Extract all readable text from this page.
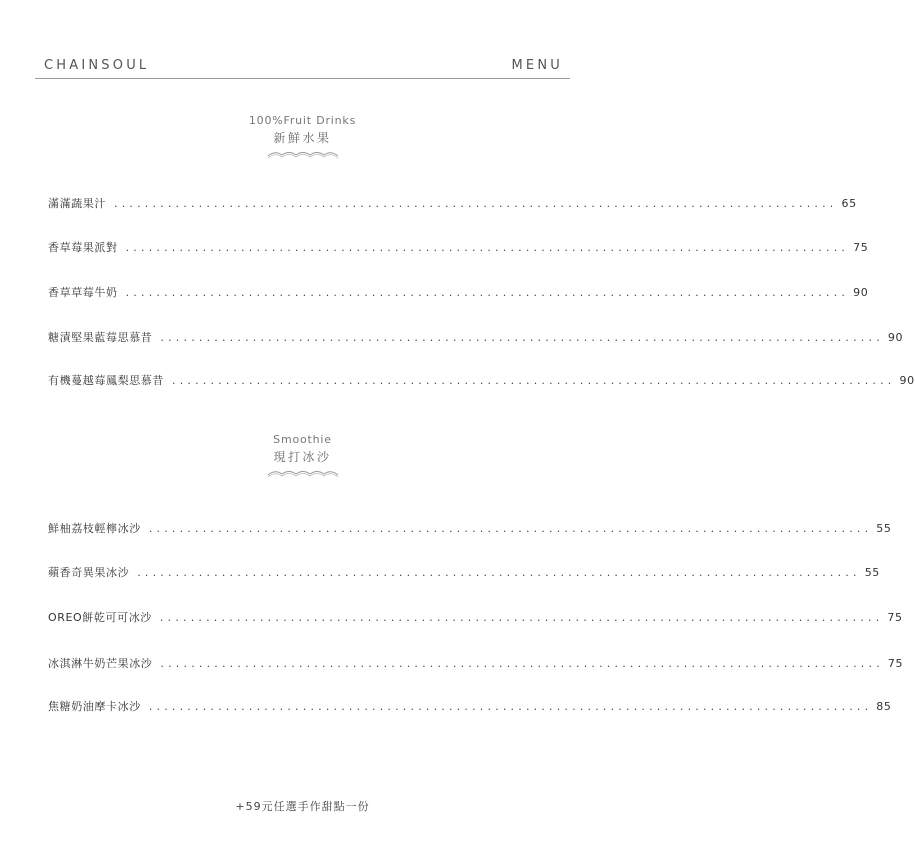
CHAINSOUL	MENU
100%Fruit Drinks
新鮮水果
滿滿蔬果汁 .............................................................................................. 65
香草莓果派對 .............................................................................................. 75
香草草莓牛奶 .............................................................................................. 90
糖漬堅果藍莓思慕昔 .............................................................................................. 90
有機蔓越莓鳳梨思慕昔 .............................................................................................. 90
Smoothie
現打冰沙
鮮柚荔枝輕檸冰沙 .............................................................................................. 55
蘋香奇異果冰沙 .............................................................................................. 55
OREO餅乾可可冰沙 .............................................................................................. 75
冰淇淋牛奶芒果冰沙 .............................................................................................. 75
焦糖奶油摩卡冰沙 .............................................................................................. 85
+59元任選手作甜點一份
